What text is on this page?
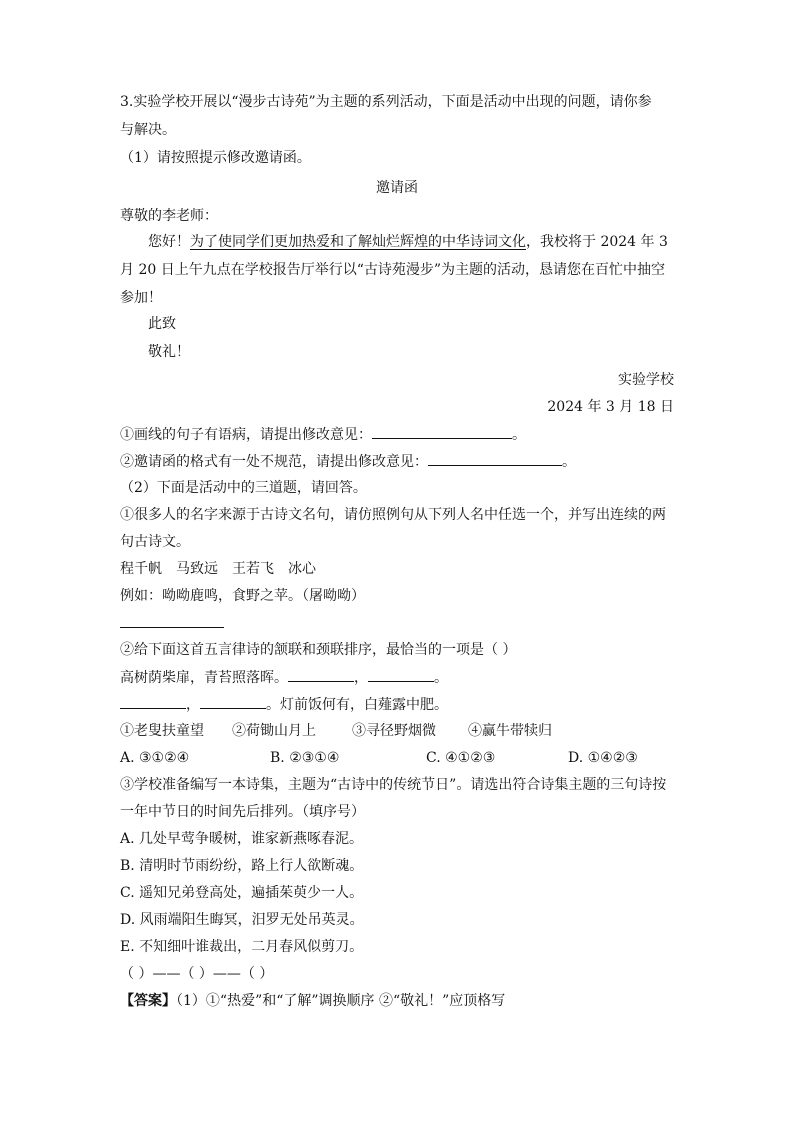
3.实验学校开展以“漫步古诗苑”为主题的系列活动，下面是活动中出现的问题，请你参
与解决。
（1）请按照提示修改邀请函。
邀请函
尊敬的李老师：
您好！为了使同学们更加热爱和了解灿烂辉煌的中华诗词文化，我校将于 2024 年 3
月 20 日上午九点在学校报告厅举行以“古诗苑漫步”为主题的活动，恳请您在百忙中抽空
参加！
此致
敬礼！
实验学校
2024 年 3 月 18 日
①画线的句子有语病，请提出修改意见：	。
②邀请函的格式有一处不规范，请提出修改意见：	。
（2）下面是活动中的三道题，请回答。
①很多人的名字来源于古诗文名句，请仿照例句从下列人名中任选一个，并写出连续的两
句古诗文。
程千帆 马致远 王若飞 冰心
例如：呦呦鹿鸣，食野之苹。（屠呦呦）
②给下面这首五言律诗的颔联和颈联排序，最恰当的一项是（ ）
高树荫柴扉，青苔照落晖。	，	。
，	。灯前饭何有，白薤露中肥。
①老叟扶童望 ②荷锄山月上	③寻径野烟微 ④赢牛带犊归
A. ③①②④	B. ②③①④	C. ④①②③	D. ①④②③
③学校准备编写一本诗集，主题为“古诗中的传统节日”。请选出符合诗集主题的三句诗按
一年中节日的时间先后排列。（填序号）
A. 几处早莺争暖树，谁家新燕啄春泥。
B. 清明时节雨纷纷，路上行人欲断魂。
C. 遥知兄弟登高处，遍插茱萸少一人。
D. 风雨端阳生晦冥，汨罗无处吊英灵。
E. 不知细叶谁裁出，二月春风似剪刀。
（ ）——（ ）——（ ）
【答案】（1）①“热爱”和“了解”调换顺序 ②“敬礼！”应顶格写
